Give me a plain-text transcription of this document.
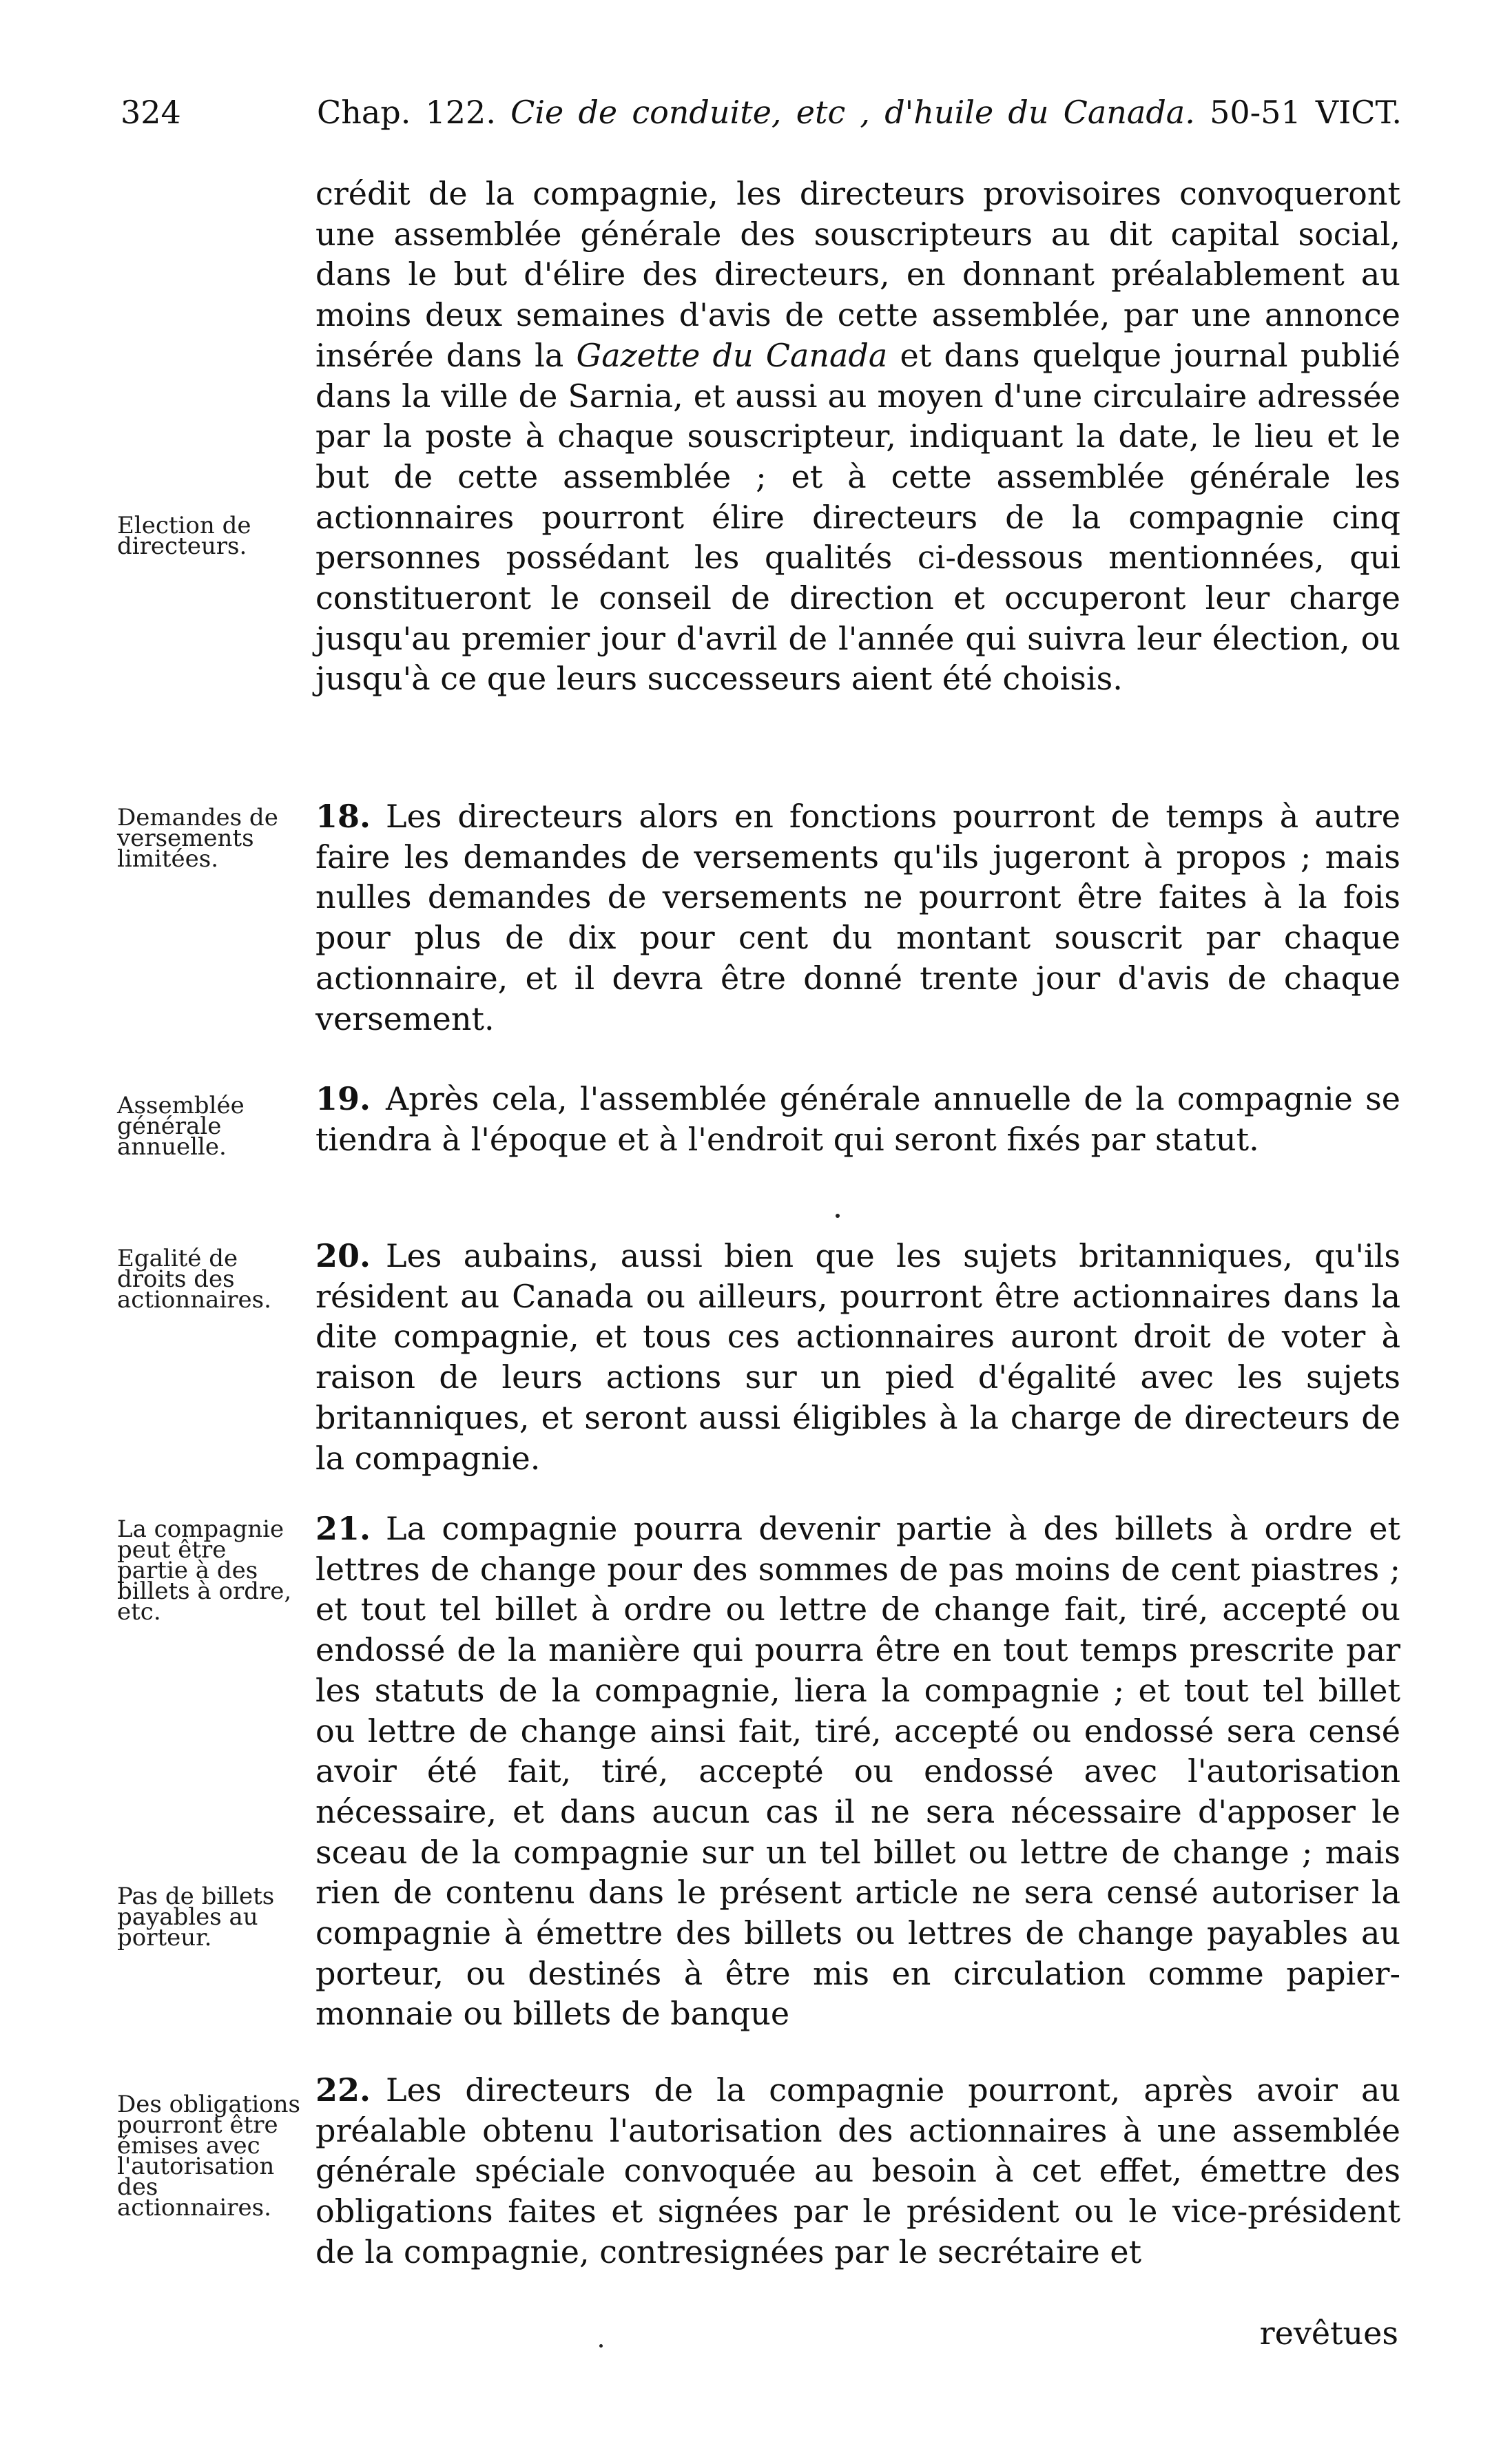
324	Chap. 122. Cie de conduite, etc , d'huile du Canada. 50-51 VICT.
Election de directeurs.
Demandes de versements limitées.
Assemblée générale annuelle.
Egalité de droits des actionnaires.
La compagnie peut être partie à des billets à ordre, etc.
Pas de billets payables au porteur.
Des obligations pourront être émises avec l'autorisation des actionnaires.
crédit de la compagnie, les directeurs provisoires convoqueront une assemblée générale des souscripteurs au dit capital social, dans le but d'élire des directeurs, en donnant préalablement au moins deux semaines d'avis de cette assemblée, par une annonce insérée dans la Gazette du Canada et dans quelque journal publié dans la ville de Sarnia, et aussi au moyen d'une circulaire adressée par la poste à chaque souscripteur, indiquant la date, le lieu et le but de cette assemblée ; et à cette assemblée générale les actionnaires pourront élire directeurs de la compagnie cinq personnes possédant les qualités ci-dessous mentionnées, qui constitueront le conseil de direction et occuperont leur charge jusqu'au premier jour d'avril de l'année qui suivra leur élection, ou jusqu'à ce que leurs successeurs aient été choisis.
18. Les directeurs alors en fonctions pourront de temps à autre faire les demandes de versements qu'ils jugeront à propos ; mais nulles demandes de versements ne pourront être faites à la fois pour plus de dix pour cent du montant souscrit par chaque actionnaire, et il devra être donné trente jour d'avis de chaque versement.
19. Après cela, l'assemblée générale annuelle de la compagnie se tiendra à l'époque et à l'endroit qui seront fixés par statut.
20. Les aubains, aussi bien que les sujets britanniques, qu'ils résident au Canada ou ailleurs, pourront être actionnaires dans la dite compagnie, et tous ces actionnaires auront droit de voter à raison de leurs actions sur un pied d'égalité avec les sujets britanniques, et seront aussi éligibles à la charge de directeurs de la compagnie.
21. La compagnie pourra devenir partie à des billets à ordre et lettres de change pour des sommes de pas moins de cent piastres ; et tout tel billet à ordre ou lettre de change fait, tiré, accepté ou endossé de la manière qui pourra être en tout temps prescrite par les statuts de la compagnie, liera la compagnie ; et tout tel billet ou lettre de change ainsi fait, tiré, accepté ou endossé sera censé avoir été fait, tiré, accepté ou endossé avec l'autorisation nécessaire, et dans aucun cas il ne sera nécessaire d'apposer le sceau de la compagnie sur un tel billet ou lettre de change ; mais rien de contenu dans le présent article ne sera censé autoriser la compagnie à émettre des billets ou lettres de change payables au porteur, ou destinés à être mis en circulation comme papier-monnaie ou billets de banque
22. Les directeurs de la compagnie pourront, après avoir au préalable obtenu l'autorisation des actionnaires à une assemblée générale spéciale convoquée au besoin à cet effet, émettre des obligations faites et signées par le président ou le vice-président de la compagnie, contresignées par le secrétaire et
revêtues
